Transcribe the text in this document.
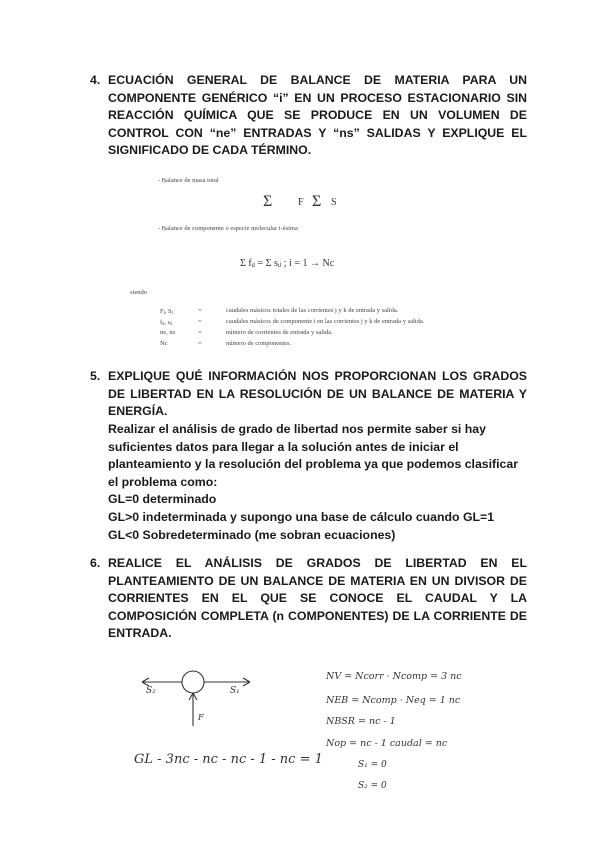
4. ECUACIÓN GENERAL DE BALANCE DE MATERIA PARA UN COMPONENTE GENÉRICO “i” EN UN PROCESO ESTACIONARIO SIN REACCIÓN QUÍMICA QUE SE PRODUCE EN UN VOLUMEN DE CONTROL CON “ne” ENTRADAS Y “ns” SALIDAS Y EXPLIQUE EL SIGNIFICADO DE CADA TÉRMINO.
- Balance de masa total
Σ	F Σ S
- Balance de componente o especie molecular i-ésima
Σ fᵢⱼ = Σ sᵢⱼ ; i = 1 → Nc
siendo
Fⱼ, Sⱼ	=	caudales másicos totales de las corrientes j y k de entrada y salida.
fᵢⱼ, sᵢⱼ	=	caudales másicos de componente i en las corrientes j y k de entrada y salida.
ne, ns	=	número de corrientes de entrada y salida.
Nc	=	número de componentes.
5. EXPLIQUE QUÉ INFORMACIÓN NOS PROPORCIONAN LOS GRADOS DE LIBERTAD EN LA RESOLUCIÓN DE UN BALANCE DE MATERIA Y ENERGÍA.
Realizar el análisis de grado de libertad nos permite saber si hay suficientes datos para llegar a la solución antes de iniciar el planteamiento y la resolución del problema ya que podemos clasificar el problema como:
GL=0 determinado
GL>0 indeterminada y supongo una base de cálculo cuando GL=1
GL<0 Sobredeterminado (me sobran ecuaciones)
6. REALICE EL ANÁLISIS DE GRADOS DE LIBERTAD EN EL PLANTEAMIENTO DE UN BALANCE DE MATERIA EN UN DIVISOR DE CORRIENTES EN EL QUE SE CONOCE EL CAUDAL Y LA COMPOSICIÓN COMPLETA (n COMPONENTES) DE LA CORRIENTE DE ENTRADA.
S₂	S₁
F
GL - 3nc - nc - nc - 1 - nc = 1
NV = Ncorr · Ncomp = 3 nc
NEB = Ncomp · Neq = 1 nc
NBSR = nc - 1
Nop = nc - 1 caudal = nc
S₁ = 0
S₂ = 0
